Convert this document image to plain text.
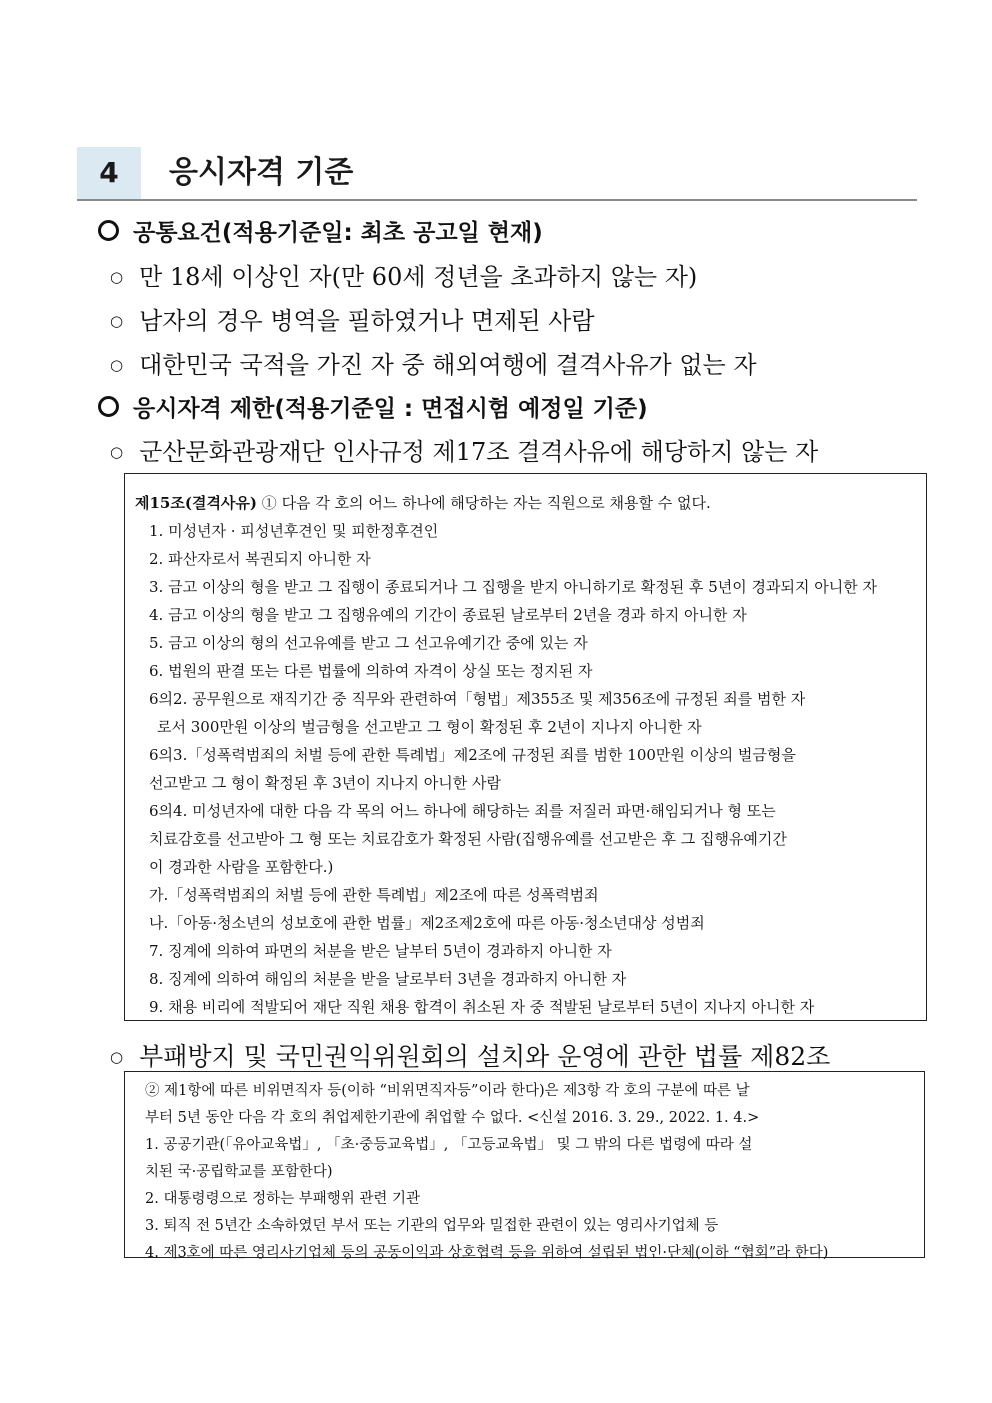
4	응시자격 기준
공통요건(적용기준일: 최초 공고일 현재)
○ 만 18세 이상인 자(만 60세 정년을 초과하지 않는 자)
○ 남자의 경우 병역을 필하였거나 면제된 사람
○ 대한민국 국적을 가진 자 중 해외여행에 결격사유가 없는 자
응시자격 제한(적용기준일 : 면접시험 예정일 기준)
○ 군산문화관광재단 인사규정 제17조 결격사유에 해당하지 않는 자
제15조(결격사유) ① 다음 각 호의 어느 하나에 해당하는 자는 직원으로 채용할 수 없다.
1. 미성년자 · 피성년후견인 및 피한정후견인
2. 파산자로서 복권되지 아니한 자
3. 금고 이상의 형을 받고 그 집행이 종료되거나 그 집행을 받지 아니하기로 확정된 후 5년이 경과되지 아니한 자
4. 금고 이상의 형을 받고 그 집행유예의 기간이 종료된 날로부터 2년을 경과 하지 아니한 자
5. 금고 이상의 형의 선고유예를 받고 그 선고유예기간 중에 있는 자
6. 법원의 판결 또는 다른 법률에 의하여 자격이 상실 또는 정지된 자
6의2. 공무원으로 재직기간 중 직무와 관련하여「형법」제355조 및 제356조에 규정된 죄를 범한 자
로서 300만원 이상의 벌금형을 선고받고 그 형이 확정된 후 2년이 지나지 아니한 자
6의3.「성폭력범죄의 처벌 등에 관한 특례법」제2조에 규정된 죄를 범한 100만원 이상의 벌금형을
선고받고 그 형이 확정된 후 3년이 지나지 아니한 사람
6의4. 미성년자에 대한 다음 각 목의 어느 하나에 해당하는 죄를 저질러 파면·해임되거나 형 또는
치료감호를 선고받아 그 형 또는 치료감호가 확정된 사람(집행유예를 선고받은 후 그 집행유예기간
이 경과한 사람을 포함한다.)
가.「성폭력범죄의 처벌 등에 관한 특례법」제2조에 따른 성폭력범죄
나.「아동·청소년의 성보호에 관한 법률」제2조제2호에 따른 아동·청소년대상 성범죄
7. 징계에 의하여 파면의 처분을 받은 날부터 5년이 경과하지 아니한 자
8. 징계에 의하여 해임의 처분을 받을 날로부터 3년을 경과하지 아니한 자
9. 채용 비리에 적발되어 재단 직원 채용 합격이 취소된 자 중 적발된 날로부터 5년이 지나지 아니한 자
○ 부패방지 및 국민권익위원회의 설치와 운영에 관한 법률 제82조
② 제1항에 따른 비위면직자 등(이하 “비위면직자등”이라 한다)은 제3항 각 호의 구분에 따른 날
부터 5년 동안 다음 각 호의 취업제한기관에 취업할 수 없다. <신설 2016. 3. 29., 2022. 1. 4.>
1. 공공기관(「유아교육법」, 「초·중등교육법」, 「고등교육법」 및 그 밖의 다른 법령에 따라 설
치된 국·공립학교를 포함한다)
2. 대통령령으로 정하는 부패행위 관련 기관
3. 퇴직 전 5년간 소속하였던 부서 또는 기관의 업무와 밀접한 관련이 있는 영리사기업체 등
4. 제3호에 따른 영리사기업체 등의 공동이익과 상호협력 등을 위하여 설립된 법인·단체(이하 “협회”라 한다)
